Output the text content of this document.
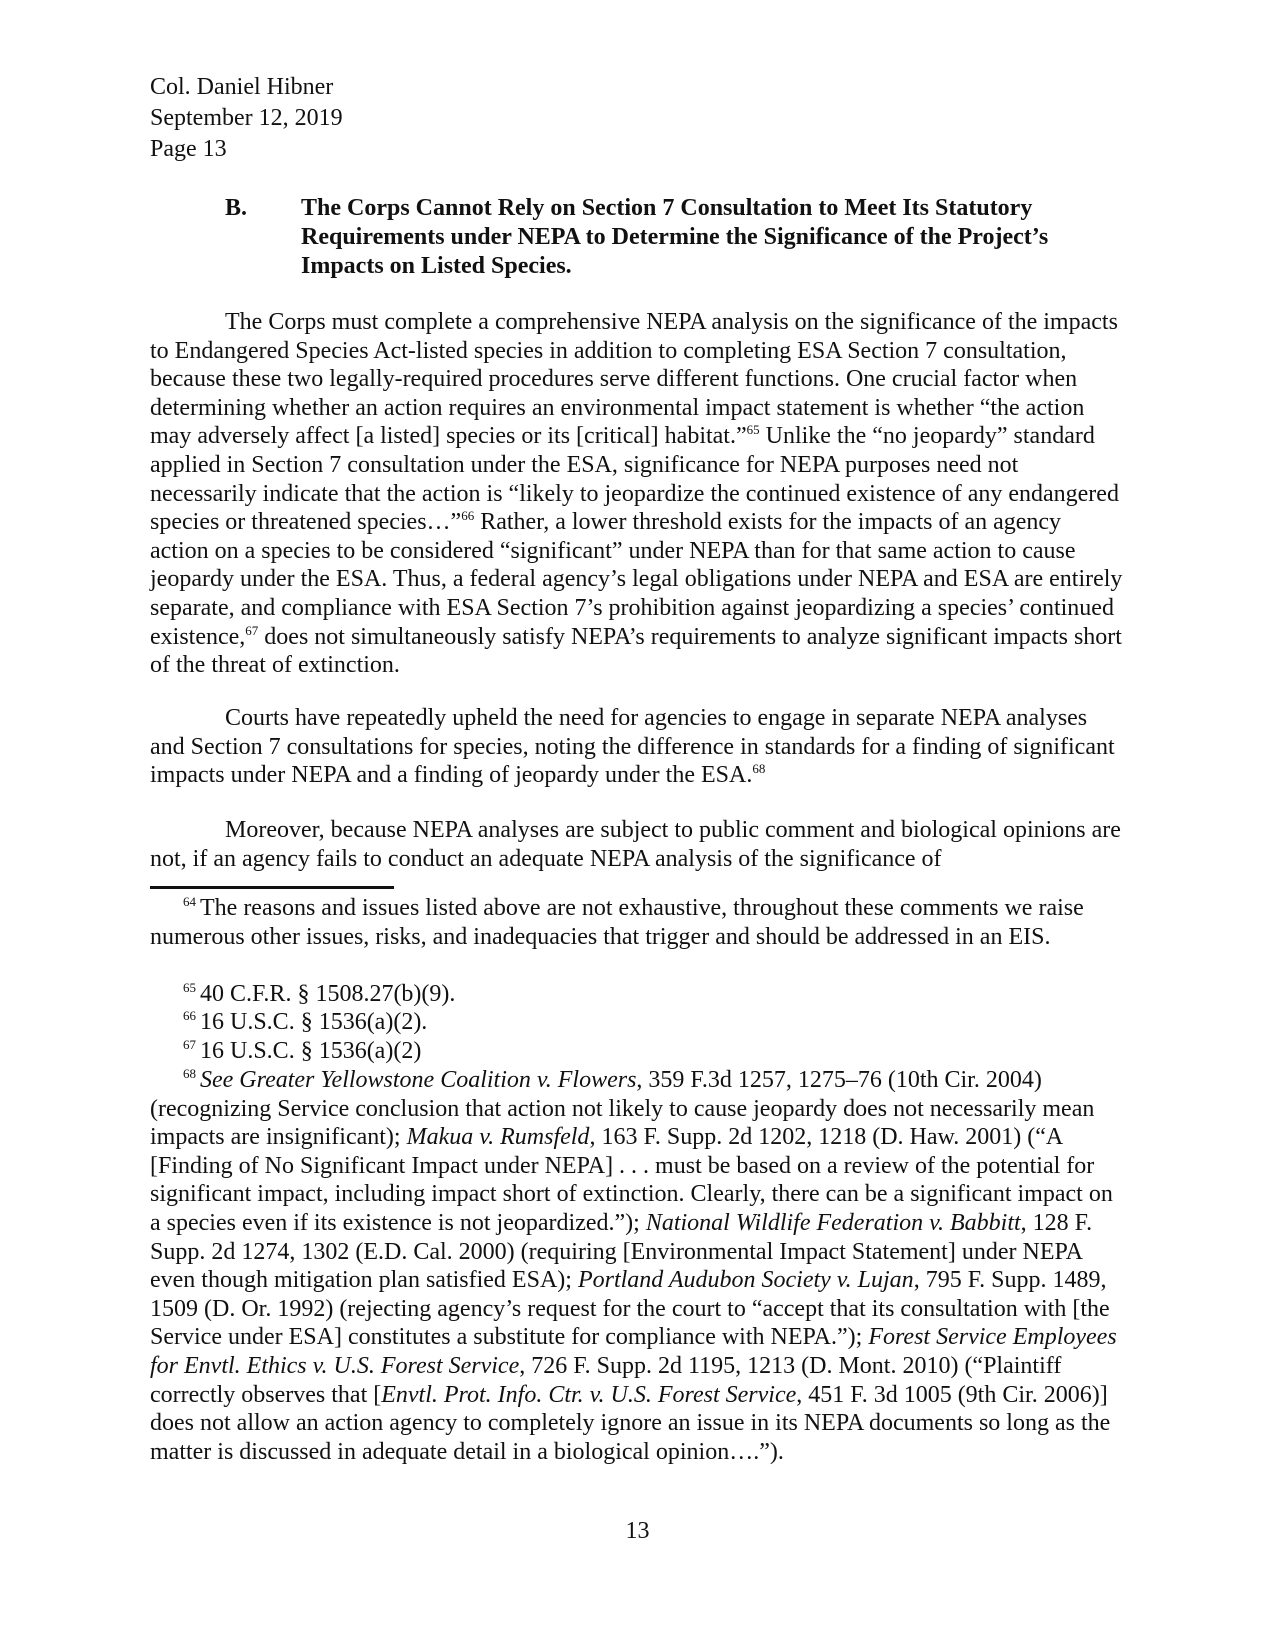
Col. Daniel Hibner
September 12, 2019
Page 13
B. The Corps Cannot Rely on Section 7 Consultation to Meet Its Statutory Requirements under NEPA to Determine the Significance of the Project’s Impacts on Listed Species.
The Corps must complete a comprehensive NEPA analysis on the significance of the impacts to Endangered Species Act-listed species in addition to completing ESA Section 7 consultation, because these two legally-required procedures serve different functions. One crucial factor when determining whether an action requires an environmental impact statement is whether “the action may adversely affect [a listed] species or its [critical] habitat.”$^{65}$ Unlike the “no jeopardy” standard applied in Section 7 consultation under the ESA, significance for NEPA purposes need not necessarily indicate that the action is “likely to jeopardize the continued existence of any endangered species or threatened species…”$^{66}$ Rather, a lower threshold exists for the impacts of an agency action on a species to be considered “significant” under NEPA than for that same action to cause jeopardy under the ESA. Thus, a federal agency’s legal obligations under NEPA and ESA are entirely separate, and compliance with ESA Section 7’s prohibition against jeopardizing a species’ continued existence,$^{67}$ does not simultaneously satisfy NEPA’s requirements to analyze significant impacts short of the threat of extinction.
Courts have repeatedly upheld the need for agencies to engage in separate NEPA analyses and Section 7 consultations for species, noting the difference in standards for a finding of significant impacts under NEPA and a finding of jeopardy under the ESA.$^{68}$
Moreover, because NEPA analyses are subject to public comment and biological opinions are not, if an agency fails to conduct an adequate NEPA analysis of the significance of
$^{64}$ The reasons and issues listed above are not exhaustive, throughout these comments we raise numerous other issues, risks, and inadequacies that trigger and should be addressed in an EIS.
$^{65}$ 40 C.F.R. § 1508.27(b)(9).
$^{66}$ 16 U.S.C. § 1536(a)(2).
$^{67}$ 16 U.S.C. § 1536(a)(2)
$^{68}$ See Greater Yellowstone Coalition v. Flowers, 359 F.3d 1257, 1275–76 (10th Cir. 2004) (recognizing Service conclusion that action not likely to cause jeopardy does not necessarily mean impacts are insignificant); Makua v. Rumsfeld, 163 F. Supp. 2d 1202, 1218 (D. Haw. 2001) (“A [Finding of No Significant Impact under NEPA] . . . must be based on a review of the potential for significant impact, including impact short of extinction. Clearly, there can be a significant impact on a species even if its existence is not jeopardized.”); National Wildlife Federation v. Babbitt, 128 F. Supp. 2d 1274, 1302 (E.D. Cal. 2000) (requiring [Environmental Impact Statement] under NEPA even though mitigation plan satisfied ESA); Portland Audubon Society v. Lujan, 795 F. Supp. 1489, 1509 (D. Or. 1992) (rejecting agency’s request for the court to “accept that its consultation with [the Service under ESA] constitutes a substitute for compliance with NEPA.”); Forest Service Employees for Envtl. Ethics v. U.S. Forest Service, 726 F. Supp. 2d 1195, 1213 (D. Mont. 2010) (“Plaintiff correctly observes that [Envtl. Prot. Info. Ctr. v. U.S. Forest Service, 451 F. 3d 1005 (9th Cir. 2006)] does not allow an action agency to completely ignore an issue in its NEPA documents so long as the matter is discussed in adequate detail in a biological opinion….”).
13
